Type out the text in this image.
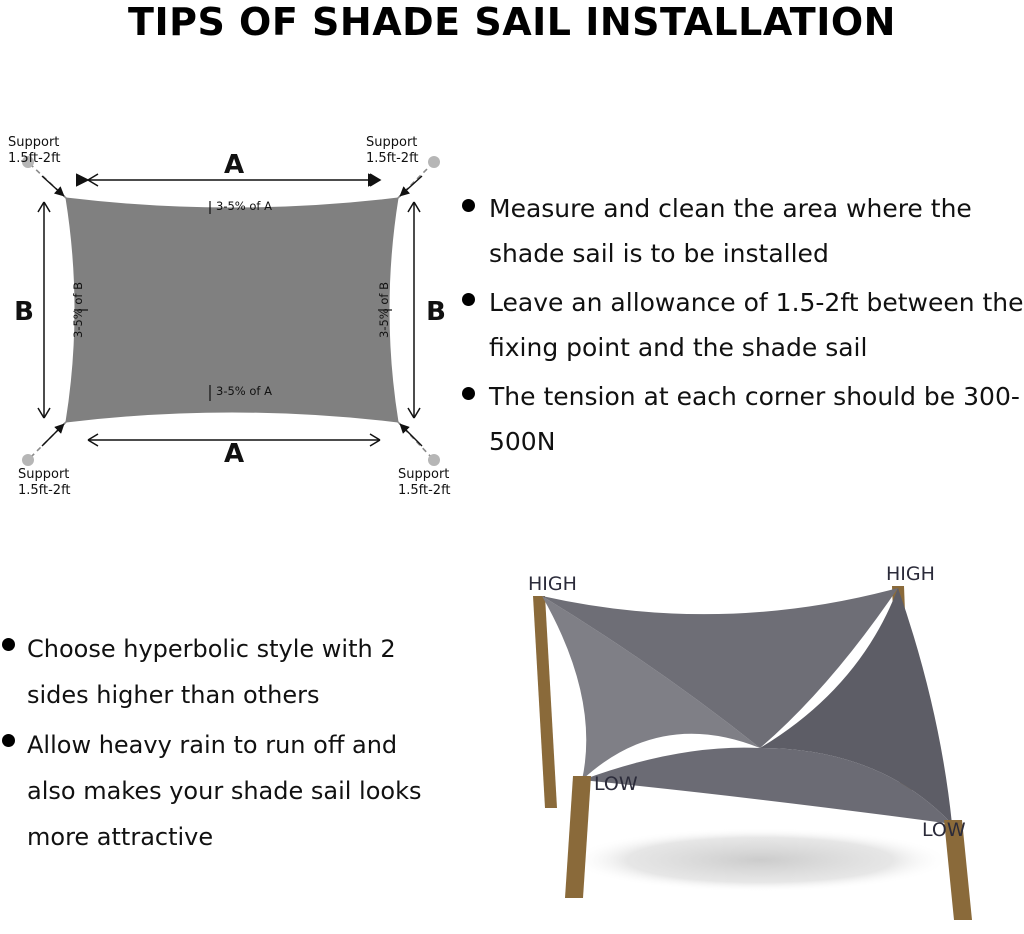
TIPS OF SHADE SAIL INSTALLATION
Support
1.5ft-2ft
Support
1.5ft-2ft
Support
1.5ft-2ft
Support
1.5ft-2ft
A
A
B	B
3-5% of A
3-5% of A
3-5% of B	3-5% of B
Measure and clean the area where the shade sail is to be installed
Leave an allowance of 1.5-2ft between the fixing point and the shade sail
The tension at each corner should be 300-500N
Choose hyperbolic style with 2 sides higher than others
Allow heavy rain to run off and also makes your shade sail looks more attractive
HIGH	HIGH
LOW
LOW
